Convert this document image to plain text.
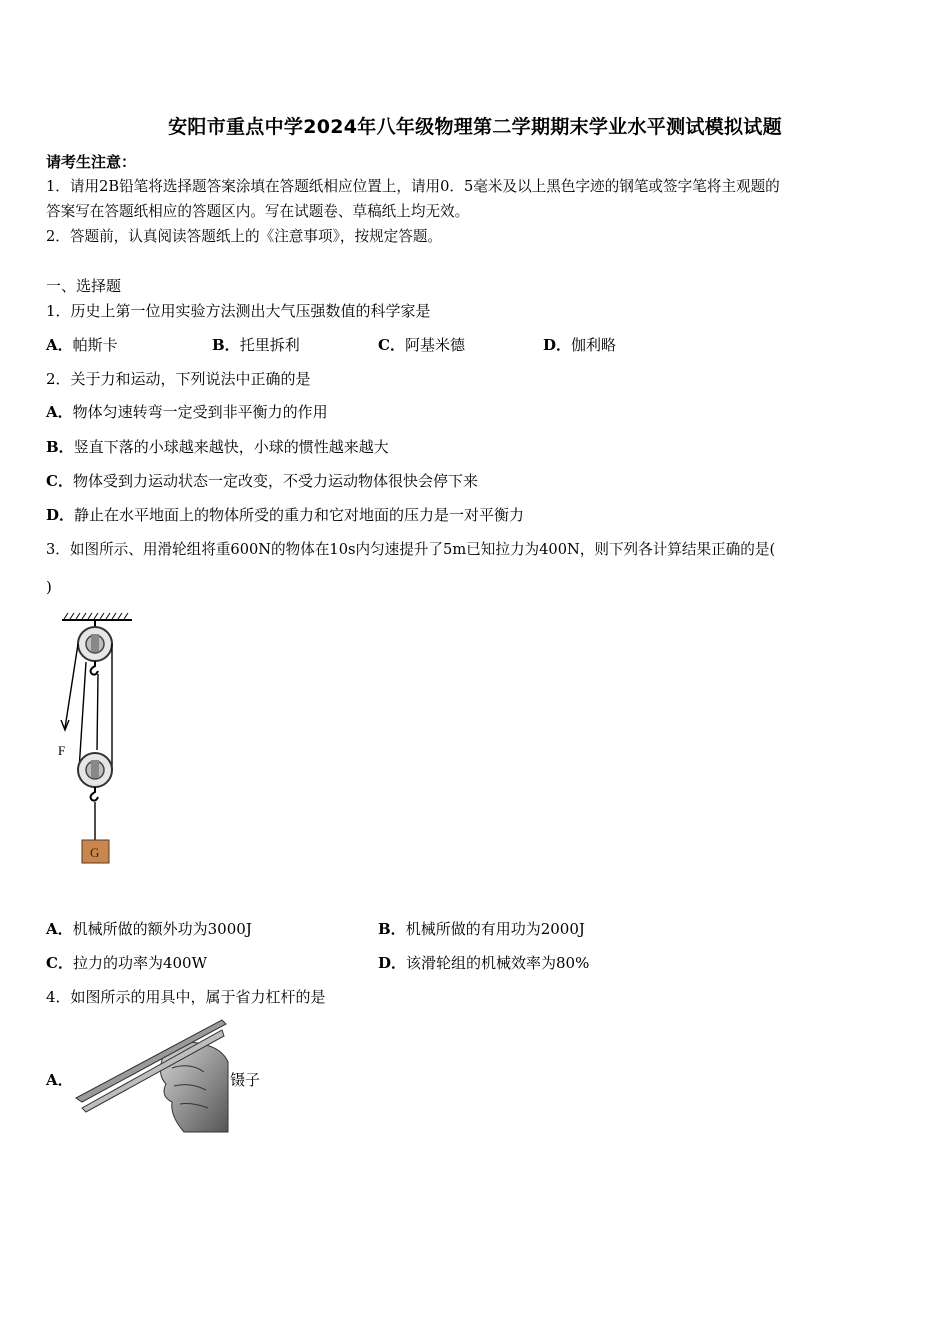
安阳市重点中学2024年八年级物理第二学期期末学业水平测试模拟试题
请考生注意：
1．请用2B铅笔将选择题答案涂填在答题纸相应位置上，请用0．5毫米及以上黑色字迹的钢笔或签字笔将主观题的
答案写在答题纸相应的答题区内。写在试题卷、草稿纸上均无效。
2．答题前，认真阅读答题纸上的《注意事项》，按规定答题。
一、选择题
1．历史上第一位用实验方法测出大气压强数值的科学家是
A．帕斯卡	B．托里拆利	C．阿基米德	D．伽利略
2．关于力和运动，下列说法中正确的是
A．物体匀速转弯一定受到非平衡力的作用
B．竖直下落的小球越来越快，小球的惯性越来越大
C．物体受到力运动状态一定改变，不受力运动物体很快会停下来
D．静止在水平地面上的物体所受的重力和它对地面的压力是一对平衡力
3．如图所示、用滑轮组将重600N的物体在10s内匀速提升了5m已知拉力为400N，则下列各计算结果正确的是(
)
F
G
A．机械所做的额外功为3000J	B．机械所做的有用功为2000J
C．拉力的功率为400W	D．该滑轮组的机械效率为80%
4．如图所示的用具中，属于省力杠杆的是
A．	镊子
